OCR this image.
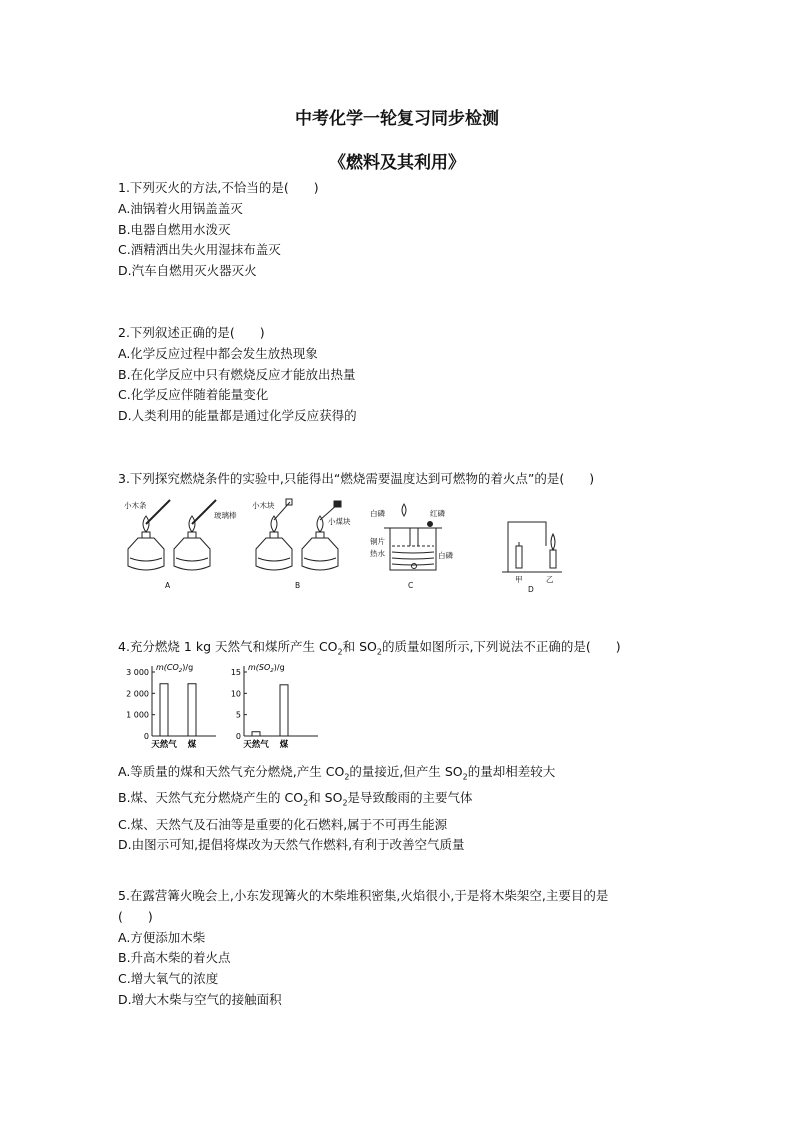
中考化学一轮复习同步检测
《燃料及其利用》
1.下列灭火的方法,不恰当的是(　　)
A.油锅着火用锅盖盖灭
B.电器自燃用水泼灭
C.酒精洒出失火用湿抹布盖灭
D.汽车自燃用灭火器灭火
2.下列叙述正确的是(　　)
A.化学反应过程中都会发生放热现象
B.在化学反应中只有燃烧反应才能放出热量
C.化学反应伴随着能量变化
D.人类利用的能量都是通过化学反应获得的
3.下列探究燃烧条件的实验中,只能得出“燃烧需要温度达到可燃物的着火点”的是(　　)
小木条
玻璃棒
A
小木块
小煤块
B
白磷	红磷
铜片
热水	白磷
C
甲	乙
D
4.充分燃烧 1 kg 天然气和煤所产生 $CO_2$和 $SO_2$的质量如图所示,下列说法不正确的是(　　)
$m(CO_2)/g$
0
1 000
2 000
3 000
天然气 煤
$m(SO_2)/g$
0
5
10
15
天然气 煤
A.等质量的煤和天然气充分燃烧,产生 $CO_2$的量接近,但产生 $SO_2$的量却相差较大
B.煤、天然气充分燃烧产生的 $CO_2$和 $SO_2$是导致酸雨的主要气体
C.煤、天然气及石油等是重要的化石燃料,属于不可再生能源
D.由图示可知,提倡将煤改为天然气作燃料,有利于改善空气质量
5.在露营篝火晚会上,小东发现篝火的木柴堆积密集,火焰很小,于是将木柴架空,主要目的是
(　　)
A.方便添加木柴
B.升高木柴的着火点
C.增大氧气的浓度
D.增大木柴与空气的接触面积
